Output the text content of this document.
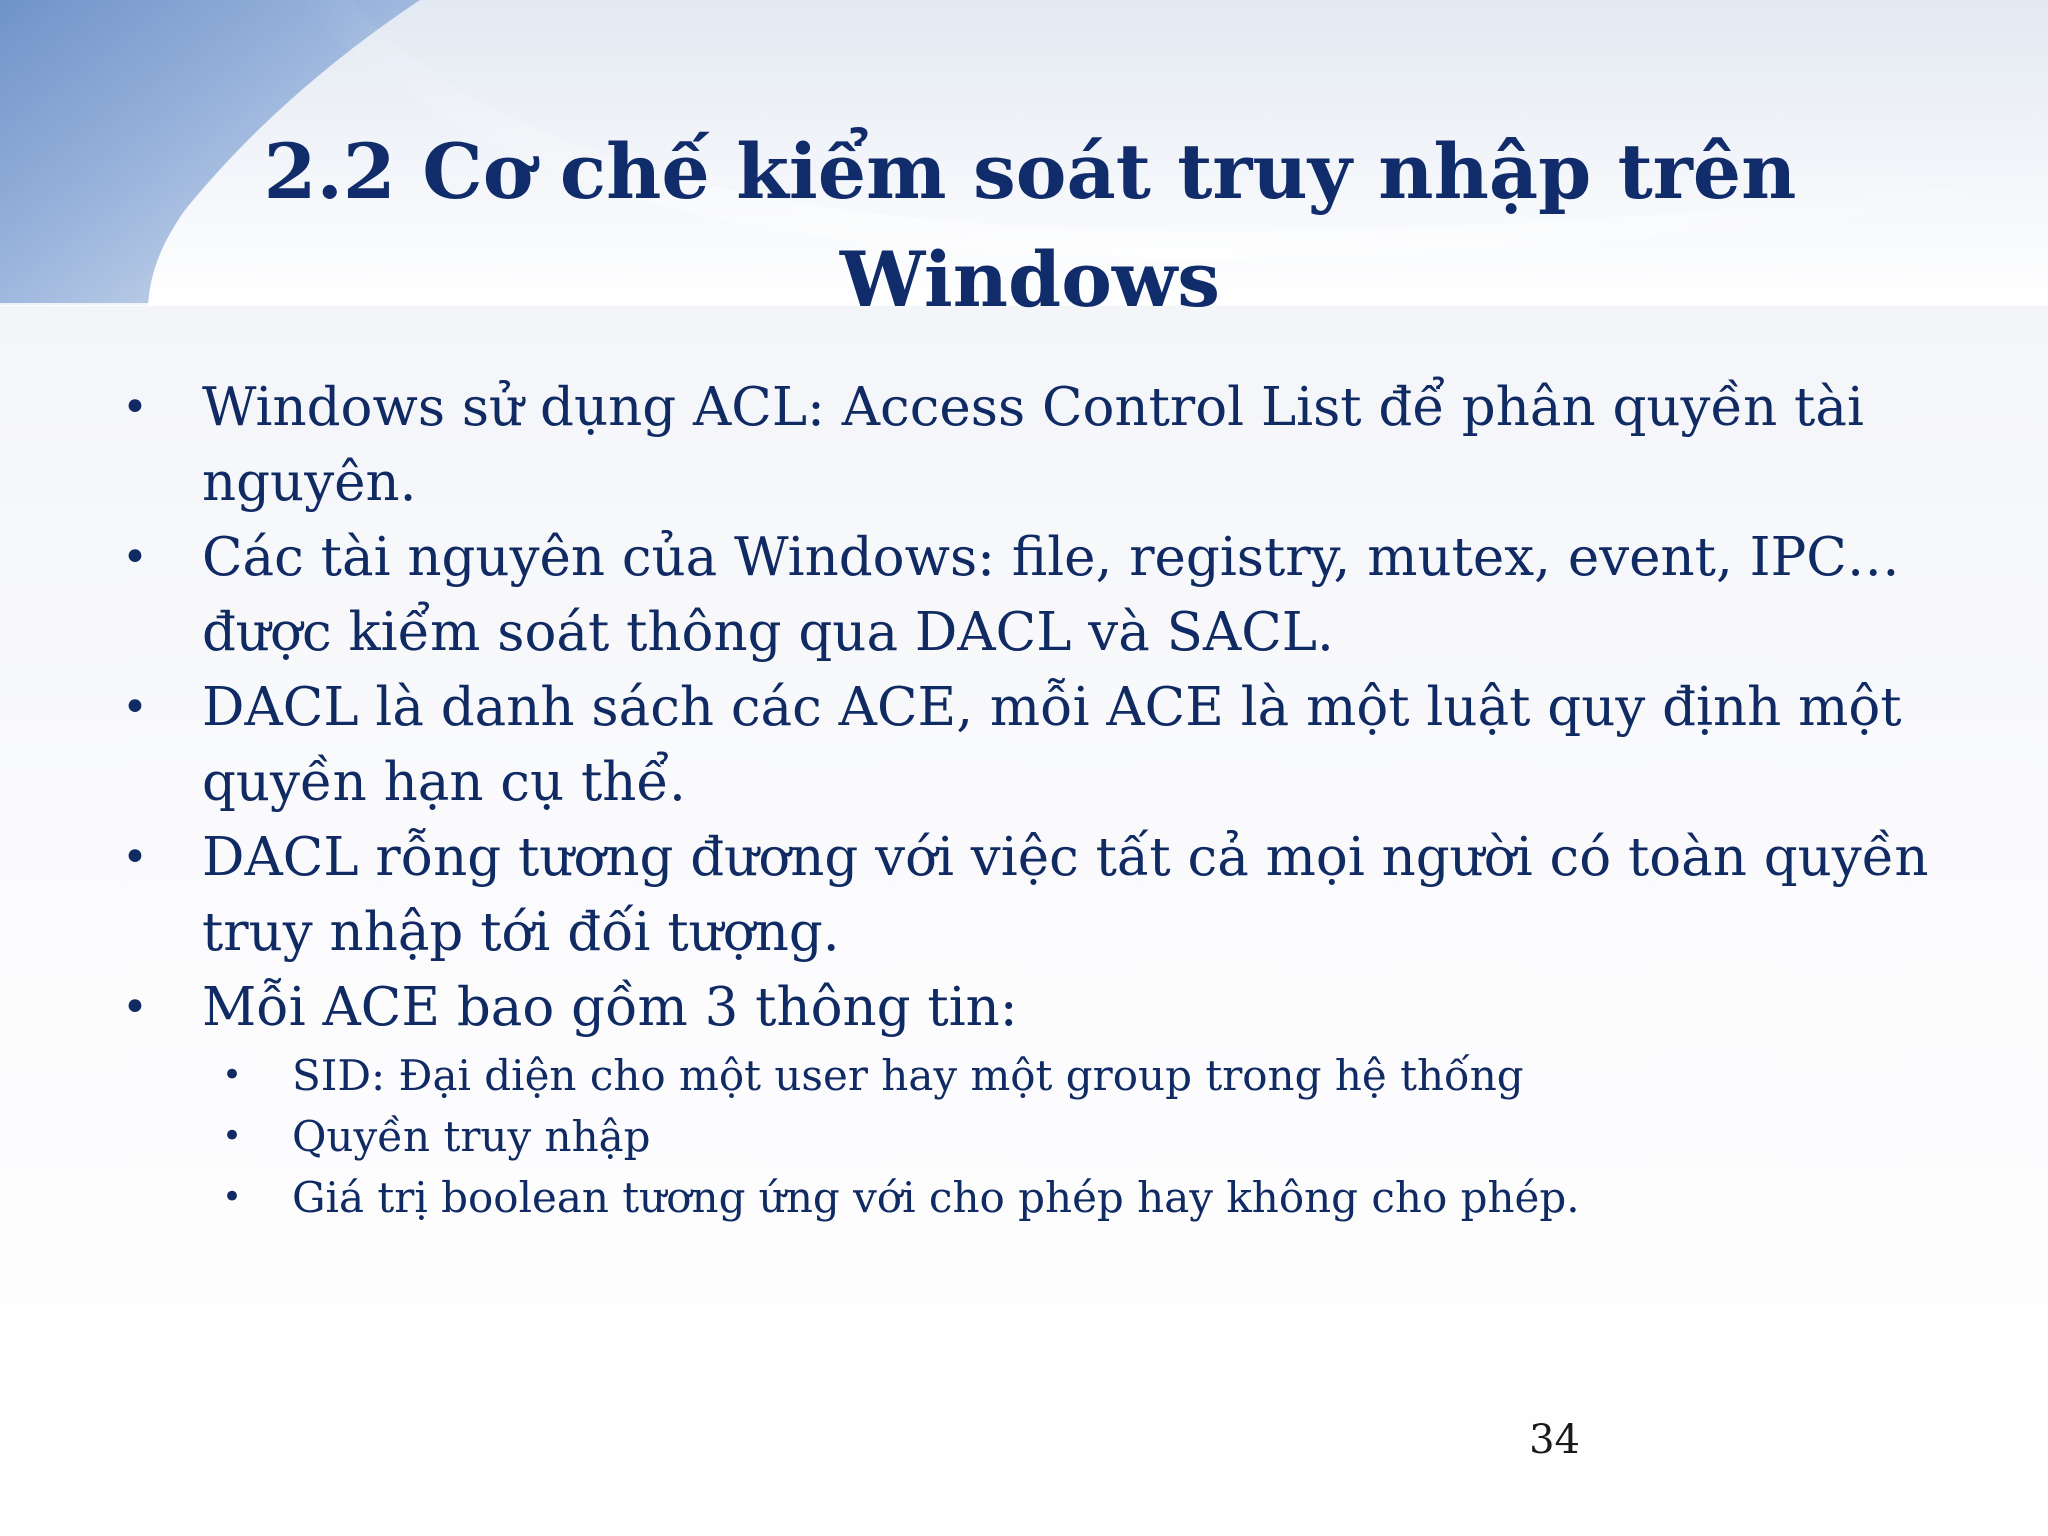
2.2 Cơ chế kiểm soát truy nhập trên
Windows

• Windows sử dụng ACL: Access Control List để phân quyền tài nguyên.

• Các tài nguyên của Windows: file, registry, mutex, event, IPC… được kiểm soát thông qua DACL và SACL.

• DACL là danh sách các ACE, mỗi ACE là một luật quy định một quyền hạn cụ thể.

• DACL rỗng tương đương với việc tất cả mọi người có toàn quyền truy nhập tới đối tượng.

• Mỗi ACE bao gồm 3 thông tin:

• SID: Đại diện cho một user hay một group trong hệ thống

• Quyền truy nhập

• Giá trị boolean tương ứng với cho phép hay không cho phép.

34
